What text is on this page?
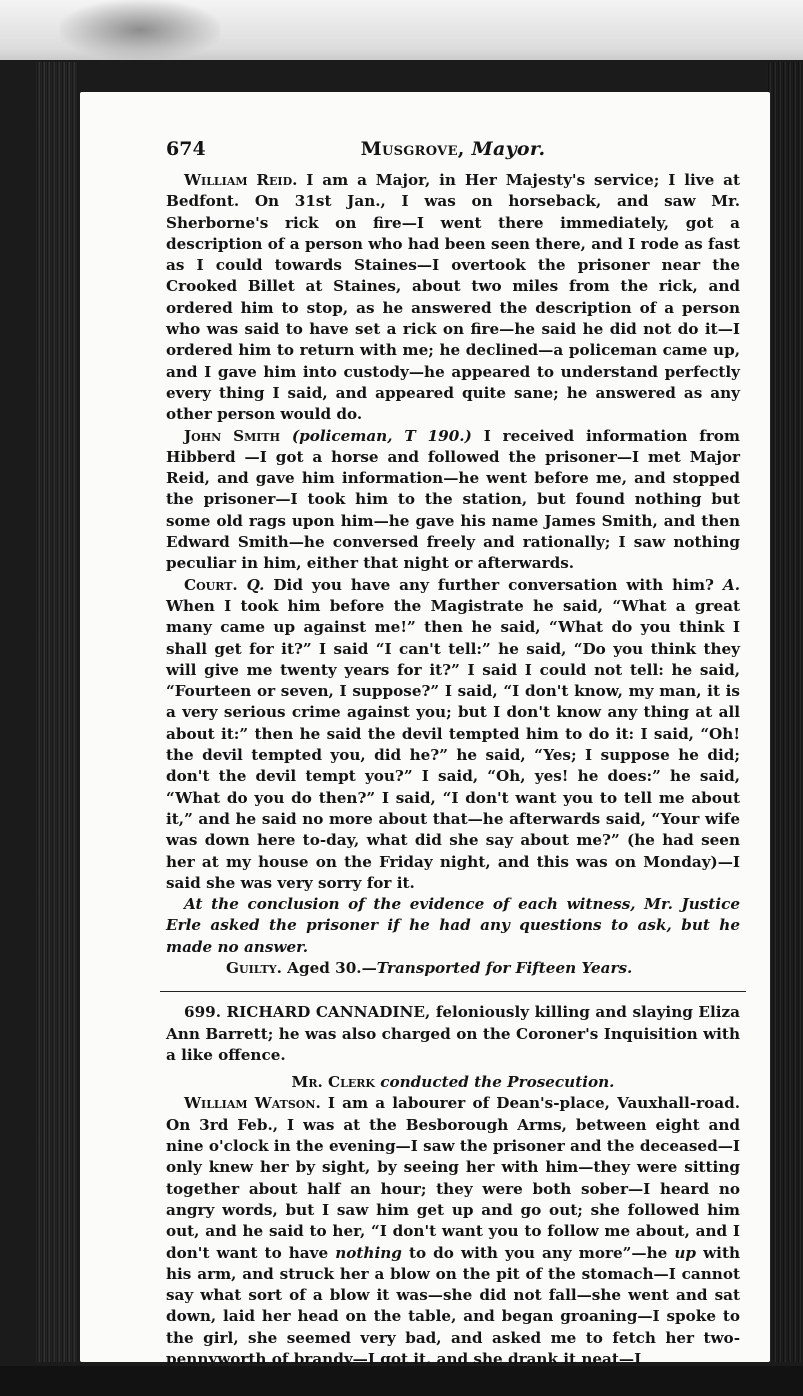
674	Musgrove, Mayor.

William Reid. I am a Major, in Her Majesty's service; I live at Bedfont. On 31st Jan., I was on horseback, and saw Mr. Sherborne's rick on fire—I went there immediately, got a description of a person who had been seen there, and I rode as fast as I could towards Staines—I overtook the prisoner near the Crooked Billet at Staines, about two miles from the rick, and ordered him to stop, as he answered the description of a person who was said to have set a rick on fire—he said he did not do it—I ordered him to return with me; he declined—a policeman came up, and I gave him into custody—he appeared to understand perfectly every thing I said, and appeared quite sane; he answered as any other person would do.

John Smith (policeman, T 190.) I received information from Hibberd —I got a horse and followed the prisoner—I met Major Reid, and gave him information—he went before me, and stopped the prisoner—I took him to the station, but found nothing but some old rags upon him—he gave his name James Smith, and then Edward Smith—he conversed freely and rationally; I saw nothing peculiar in him, either that night or afterwards.

Court. Q. Did you have any further conversation with him? A. When I took him before the Magistrate he said, “What a great many came up against me!” then he said, “What do you think I shall get for it?” I said “I can't tell:” he said, “Do you think they will give me twenty years for it?” I said I could not tell: he said, “Fourteen or seven, I suppose?” I said, “I don't know, my man, it is a very serious crime against you; but I don't know any thing at all about it:” then he said the devil tempted him to do it: I said, “Oh! the devil tempted you, did he?” he said, “Yes; I suppose he did; don't the devil tempt you?” I said, “Oh, yes! he does:” he said, “What do you do then?” I said, “I don't want you to tell me about it,” and he said no more about that—he afterwards said, “Your wife was down here to-day, what did she say about me?” (he had seen her at my house on the Friday night, and this was on Monday)—I said she was very sorry for it.

At the conclusion of the evidence of each witness, Mr. Justice Erle asked the prisoner if he had any questions to ask, but he made no answer.

Guilty. Aged 30.—Transported for Fifteen Years.

699. RICHARD CANNADINE, feloniously killing and slaying Eliza Ann Barrett; he was also charged on the Coroner's Inquisition with a like offence.

Mr. Clerk conducted the Prosecution.

William Watson. I am a labourer of Dean's-place, Vauxhall-road. On 3rd Feb., I was at the Besborough Arms, between eight and nine o'clock in the evening—I saw the prisoner and the deceased—I only knew her by sight, by seeing her with him—they were sitting together about half an hour; they were both sober—I heard no angry words, but I saw him get up and go out; she followed him out, and he said to her, “I don't want you to follow me about, and I don't want to have nothing to do with you any more”—he up with his arm, and struck her a blow on the pit of the stomach—I cannot say what sort of a blow it was—she did not fall—she went and sat down, laid her head on the table, and began groaning—I spoke to the girl, she seemed very bad, and asked me to fetch her two-pennyworth of brandy—I got it, and she drank it neat—I
